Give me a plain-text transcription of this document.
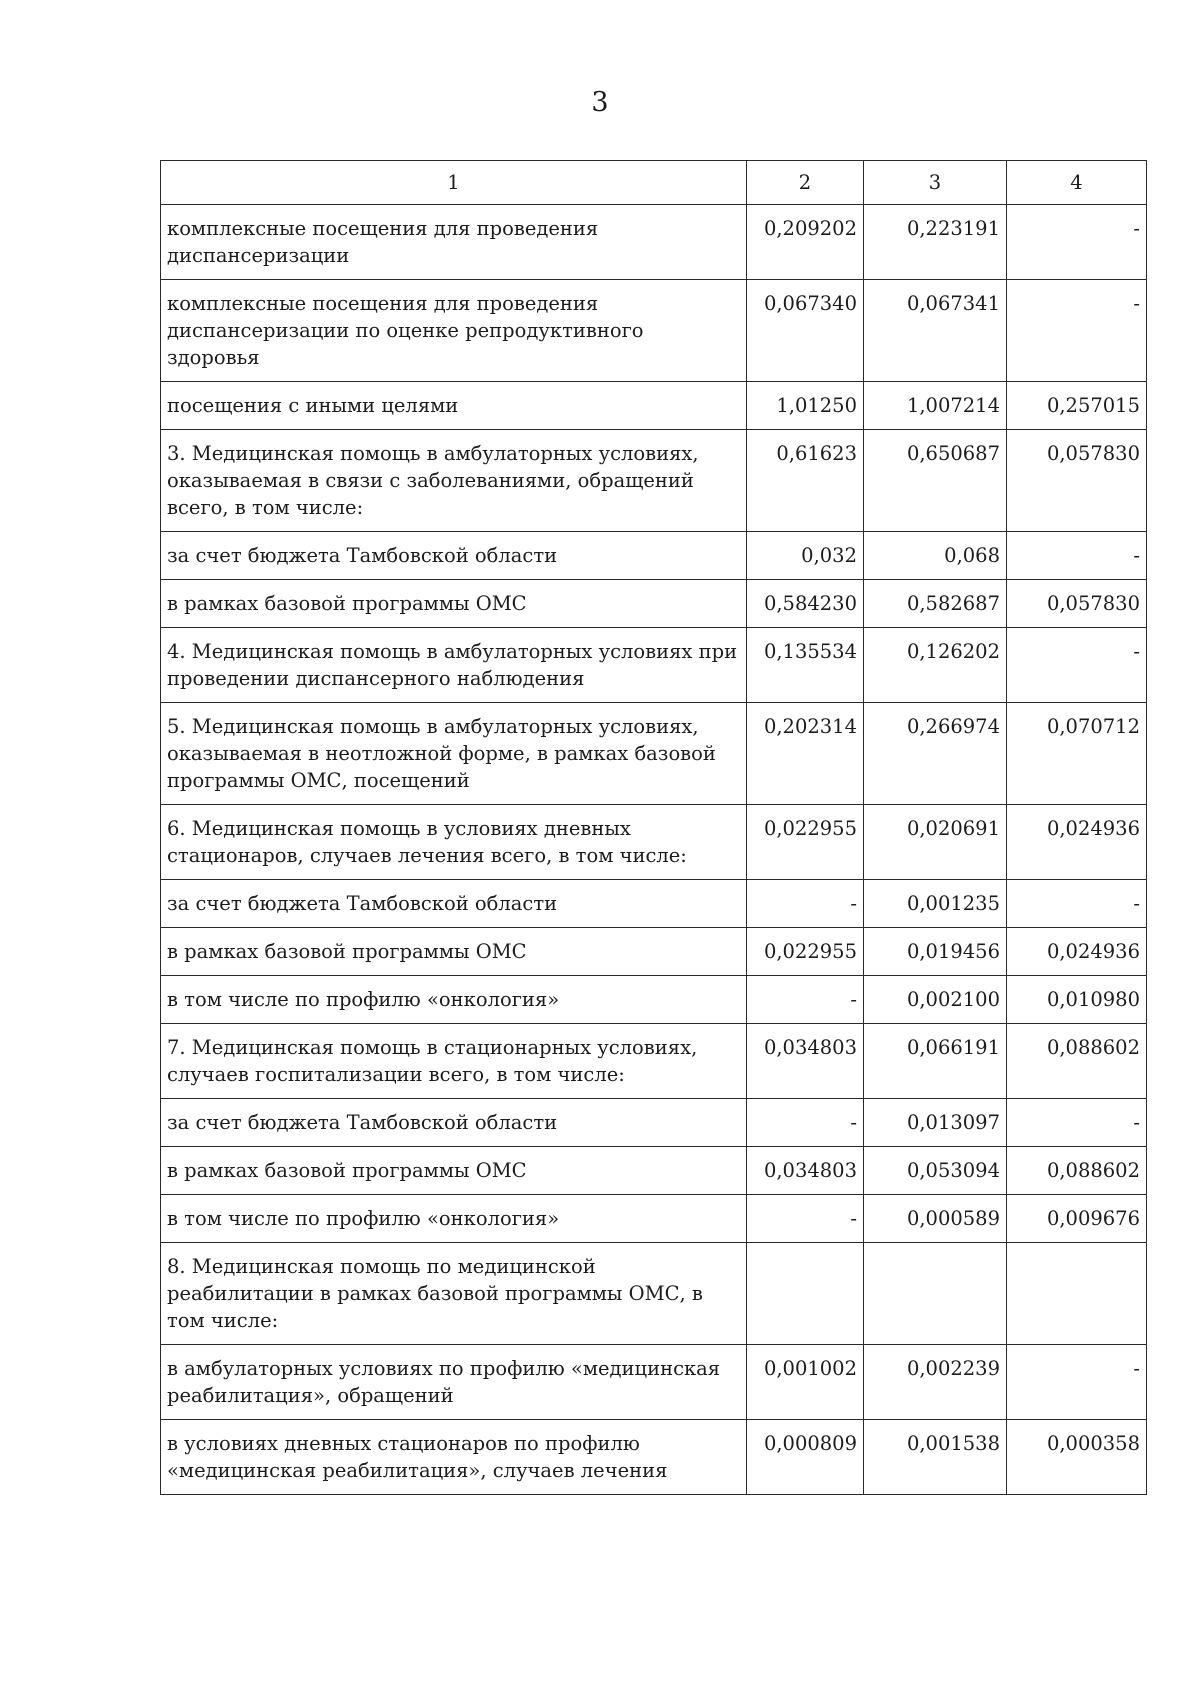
3
1	2	3	4
комплексные посещения для проведения диспансеризации	0,209202	0,223191	-
комплексные посещения для проведения диспансеризации по оценке репродуктивного здоровья	0,067340	0,067341	-
посещения с иными целями	1,01250	1,007214	0,257015
3. Медицинская помощь в амбулаторных условиях, оказываемая в связи с заболеваниями, обращений всего, в том числе:	0,61623	0,650687	0,057830
за счет бюджета Тамбовской области	0,032	0,068	-
в рамках базовой программы ОМС	0,584230	0,582687	0,057830
4. Медицинская помощь в амбулаторных условиях при проведении диспансерного наблюдения	0,135534	0,126202	-
5. Медицинская помощь в амбулаторных условиях, оказываемая в неотложной форме, в рамках базовой программы ОМС, посещений	0,202314	0,266974	0,070712
6. Медицинская помощь в условиях дневных стационаров, случаев лечения всего, в том числе:	0,022955	0,020691	0,024936
за счет бюджета Тамбовской области	-	0,001235	-
в рамках базовой программы ОМС	0,022955	0,019456	0,024936
в том числе по профилю «онкология»	-	0,002100	0,010980
7. Медицинская помощь в стационарных условиях, случаев госпитализации всего, в том числе:	0,034803	0,066191	0,088602
за счет бюджета Тамбовской области	-	0,013097	-
в рамках базовой программы ОМС	0,034803	0,053094	0,088602
в том числе по профилю «онкология»	-	0,000589	0,009676
8. Медицинская помощь по медицинской реабилитации в рамках базовой программы ОМС, в том числе:			
в амбулаторных условиях по профилю «медицинская реабилитация», обращений	0,001002	0,002239	-
в условиях дневных стационаров по профилю «медицинская реабилитация», случаев лечения	0,000809	0,001538	0,000358
